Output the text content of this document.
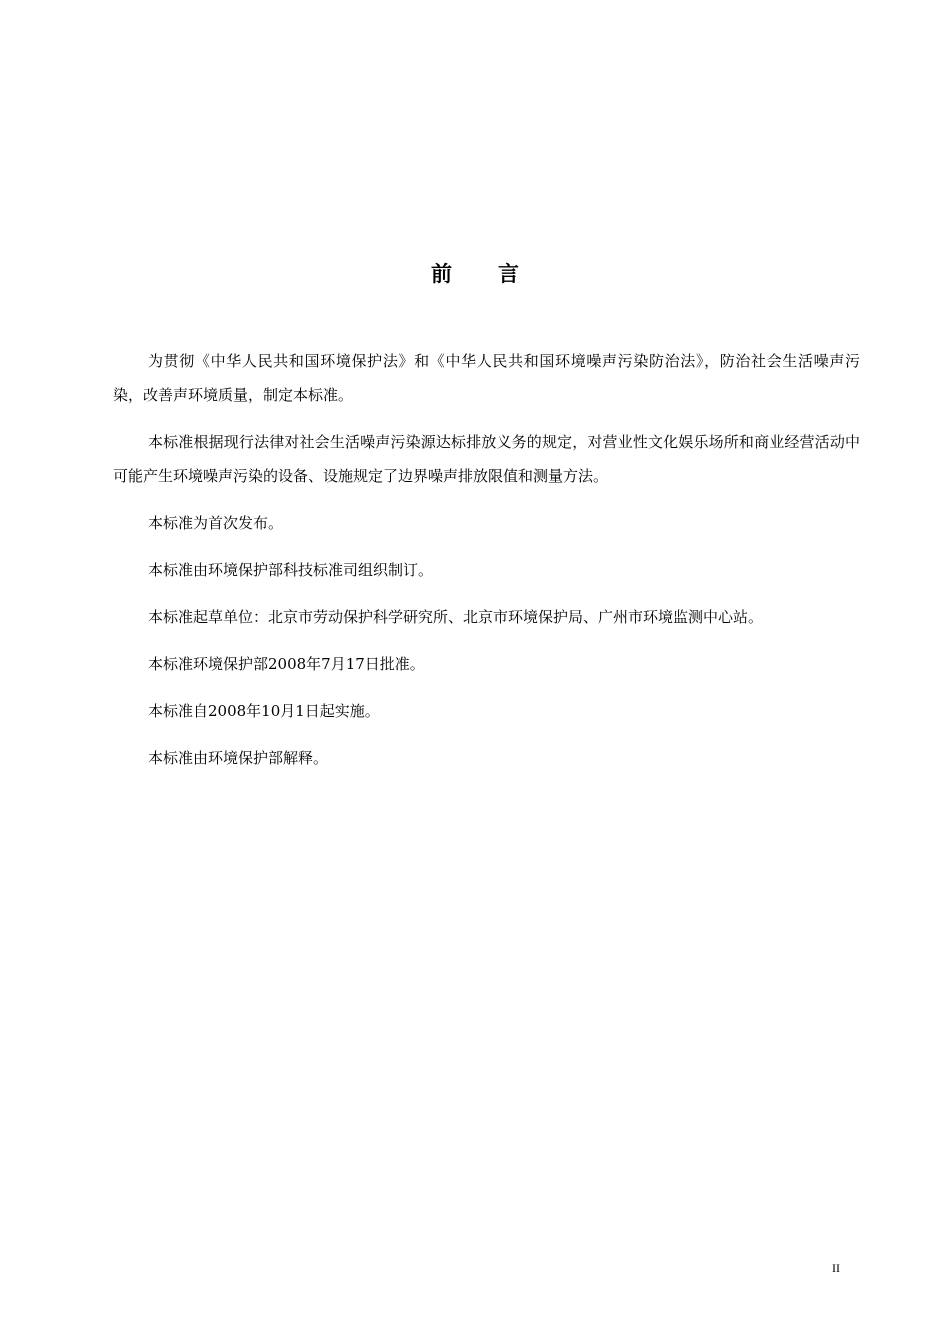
前 言

为贯彻《中华人民共和国环境保护法》和《中华人民共和国环境噪声污染防治法》，防治社会生活噪声污染，改善声环境质量，制定本标准。

本标准根据现行法律对社会生活噪声污染源达标排放义务的规定，对营业性文化娱乐场所和商业经营活动中可能产生环境噪声污染的设备、设施规定了边界噪声排放限值和测量方法。

本标准为首次发布。

本标准由环境保护部科技标准司组织制订。

本标准起草单位：北京市劳动保护科学研究所、北京市环境保护局、广州市环境监测中心站。

本标准环境保护部2008年7月17日批准。

本标准自2008年10月1日起实施。

本标准由环境保护部解释。

II
